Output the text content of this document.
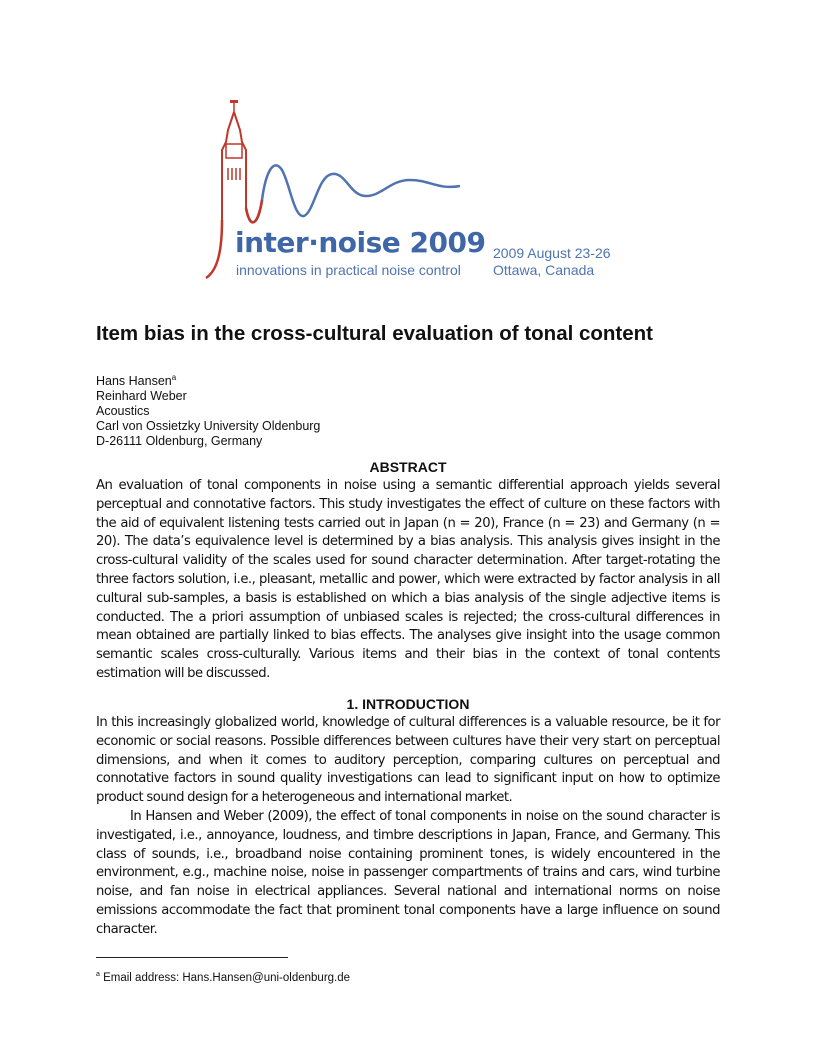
inter·noise 2009
innovations in practical noise control
2009 August 23-26
Ottawa, Canada
Item bias in the cross-cultural evaluation of tonal content
Hans Hansen$^a$
Reinhard Weber
Acoustics
Carl von Ossietzky University Oldenburg
D-26111 Oldenburg, Germany
ABSTRACT

An evaluation of tonal components in noise using a semantic differential approach yields several perceptual and connotative factors. This study investigates the effect of culture on these factors with the aid of equivalent listening tests carried out in Japan (n = 20), France (n = 23) and Germany (n = 20). The data’s equivalence level is determined by a bias analysis. This analysis gives insight in the cross-cultural validity of the scales used for sound character determination. After target-rotating the three factors solution, i.e., pleasant, metallic and power, which were extracted by factor analysis in all cultural sub-samples, a basis is established on which a bias analysis of the single adjective items is conducted. The a priori assumption of unbiased scales is rejected; the cross-cultural differences in mean obtained are partially linked to bias effects. The analyses give insight into the usage common semantic scales cross-culturally. Various items and their bias in the context of tonal contents estimation will be discussed.

1. INTRODUCTION

In this increasingly globalized world, knowledge of cultural differences is a valuable resource, be it for economic or social reasons. Possible differences between cultures have their very start on perceptual dimensions, and when it comes to auditory perception, comparing cultures on perceptual and connotative factors in sound quality investigations can lead to significant input on how to optimize product sound design for a heterogeneous and international market.

In Hansen and Weber (2009), the effect of tonal components in noise on the sound character is investigated, i.e., annoyance, loudness, and timbre descriptions in Japan, France, and Germany. This class of sounds, i.e., broadband noise containing prominent tones, is widely encountered in the environment, e.g., machine noise, noise in passenger compartments of trains and cars, wind turbine noise, and fan noise in electrical appliances. Several national and international norms on noise emissions accommodate the fact that prominent tonal components have a large influence on sound character.

$^a$ Email address: Hans.Hansen@uni-oldenburg.de
